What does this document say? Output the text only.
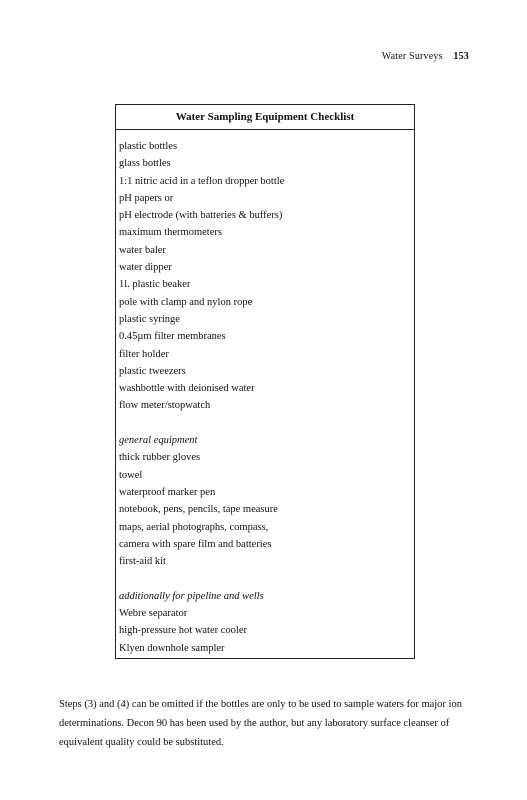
Water Surveys 153
Water Sampling Equipment Checklist
plastic bottles
glass bottles
1:1 nitric acid in a teflon dropper bottle
pH papers or
pH electrode (with batteries & buffers)
maximum thermometers
water baler
water dipper
1l. plastic beaker
pole with clamp and nylon rope
plastic syringe
0.45µm filter membranes
filter holder
plastic tweezers
washbottle with deionised water
flow meter/stopwatch
general equipment
thick rubber gloves
towel
waterproof marker pen
notebook, pens, pencils, tape measure
maps, aerial photographs, compass,
camera with spare film and batteries
first-aid kit
additionally for pipeline and wells
Webre separator
high-pressure hot water cooler
Klyen downhole sampler

Steps (3) and (4) can be omitted if the bottles are only to be used to sample waters for major ion determinations. Decon 90 has been used by the author, but any laboratory surface cleanser of equivalent quality could be substituted.
